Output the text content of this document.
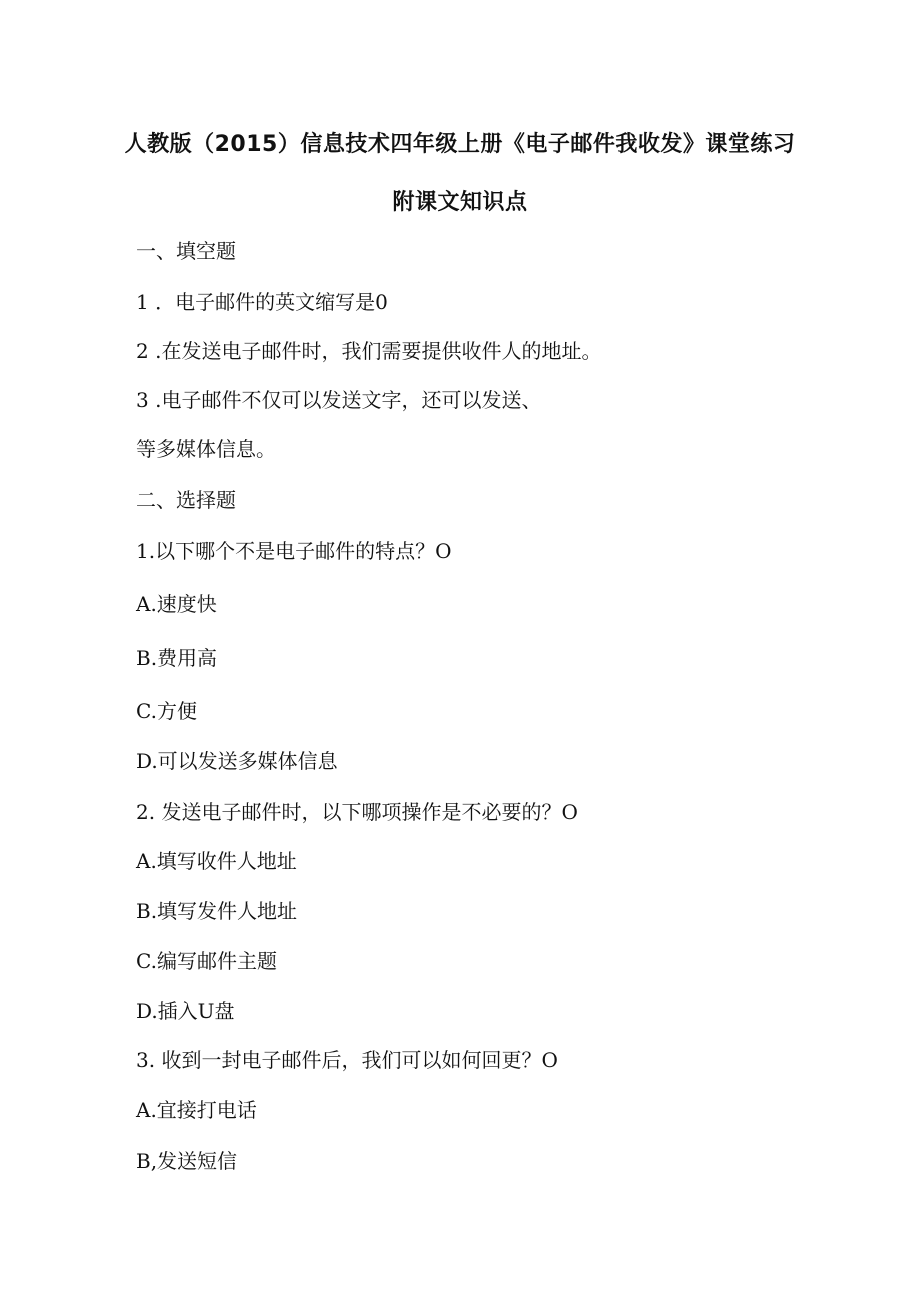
人教版（2015）信息技术四年级上册《电子邮件我收发》课堂练习
附课文知识点
一、填空题
1 ．电子邮件的英文缩写是0
2 .在发送电子邮件时，我们需要提供收件人的地址。
3 .电子邮件不仅可以发送文字，还可以发送、
等多媒体信息。
二、选择题
1.以下哪个不是电子邮件的特点？O
A.速度快
B.费用高
C.方便
D.可以发送多媒体信息
2. 发送电子邮件时，以下哪项操作是不必要的？O
A.填写收件人地址
B.填写发件人地址
C.编写邮件主题
D.插入U盘
3. 收到一封电子邮件后，我们可以如何回更？O
A.宜接打电话
B,发送短信
